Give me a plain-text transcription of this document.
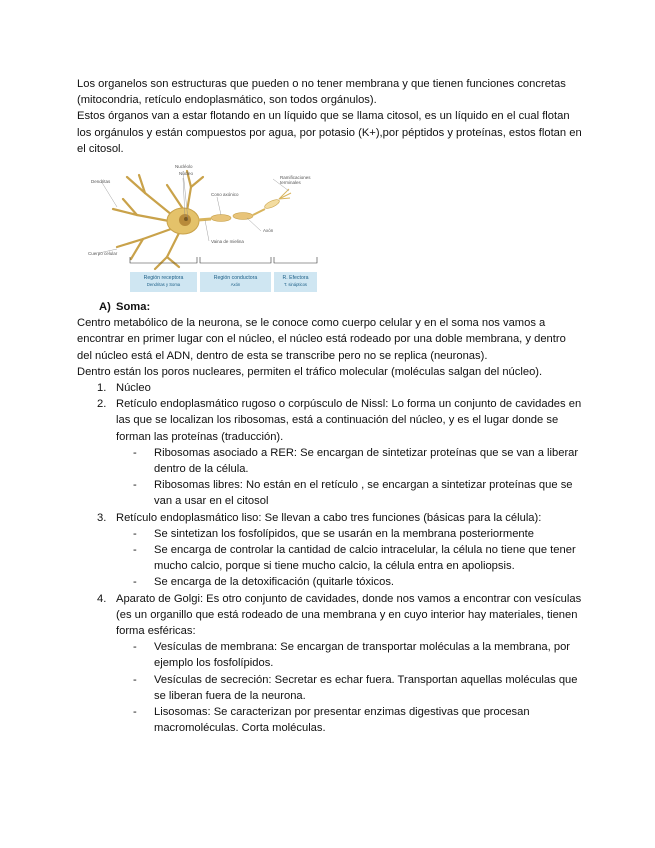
Los organelos son estructuras que pueden o no tener membrana y que tienen funciones concretas (mitocondria, retículo endoplasmático, son todos orgánulos).

Estos órganos van a estar flotando en un líquido que se llama citosol, es un líquido en el cual flotan los orgánulos y están compuestos por agua, por potasio (K+),por péptidos y proteínas, estos flotan en el citosol.

Nucléolo
Núcleo
Dendritas
Cono axónico
Ramificaciones terminales
Axón
Vaina de mielina
Cuerpo celular
Región receptora
Dendritas y Soma
Región conductora
Axón
R. Efectora
T. sinápticos

A) Soma:

Centro metabólico de la neurona, se le conoce como cuerpo celular y en el soma nos vamos a encontrar en primer lugar con el núcleo, el núcleo está rodeado por una doble membrana, y dentro del núcleo está el ADN, dentro de esta se transcribe pero no se replica (neuronas).

Dentro están los poros nucleares, permiten el tráfico molecular (moléculas salgan del núcleo).

1. Núcleo
2. Retículo endoplasmático rugoso o corpúsculo de Nissl: Lo forma un conjunto de cavidades en las que se localizan los ribosomas, está a continuación del núcleo, y es el lugar donde se forman las proteínas (traducción).
- Ribosomas asociado a RER: Se encargan de sintetizar proteínas que se van a liberar dentro de la célula.
- Ribosomas libres: No están en el retículo , se encargan a sintetizar proteínas que se van a usar en el citosol
3. Retículo endoplasmático liso: Se llevan a cabo tres funciones (básicas para la célula):
- Se sintetizan los fosfolípidos, que se usarán en la membrana posteriormente
- Se encarga de controlar la cantidad de calcio intracelular, la célula no tiene que tener mucho calcio, porque si tiene mucho calcio, la célula entra en apoliopsis.
- Se encarga de la detoxificación (quitarle tóxicos.
4. Aparato de Golgi: Es otro conjunto de cavidades, donde nos vamos a encontrar con vesículas (es un organillo que está rodeado de una membrana y en cuyo interior hay materiales, tienen forma esféricas:
- Vesículas de membrana: Se encargan de transportar moléculas a la membrana, por ejemplo los fosfolípidos.
- Vesículas de secreción: Secretar es echar fuera. Transportan aquellas moléculas que se liberan fuera de la neurona.
- Lisosomas: Se caracterizan por presentar enzimas digestivas que procesan macromoléculas. Corta moléculas.
